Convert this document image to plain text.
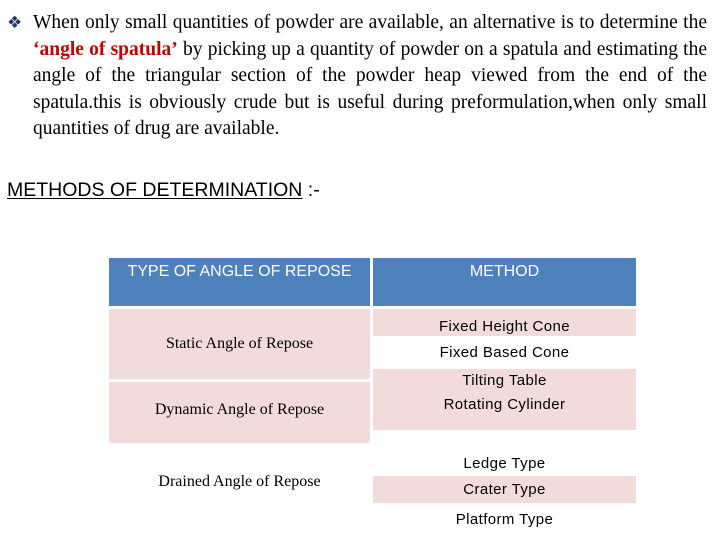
❖ When only small quantities of powder are available, an alternative is to determine the ‘angle of spatula’ by picking up a quantity of powder on a spatula and estimating the angle of the triangular section of the powder heap viewed from the end of the spatula.this is obviously crude but is useful during preformulation,when only small quantities of drug are available.
METHODS OF DETERMINATION :-
TYPE OF ANGLE OF REPOSE	METHOD
Static Angle of Repose
Dynamic Angle of Repose
Drained Angle of Repose
Fixed Height Cone
Fixed Based Cone
Tilting Table
Rotating Cylinder
Ledge Type
Crater Type
Platform Type
